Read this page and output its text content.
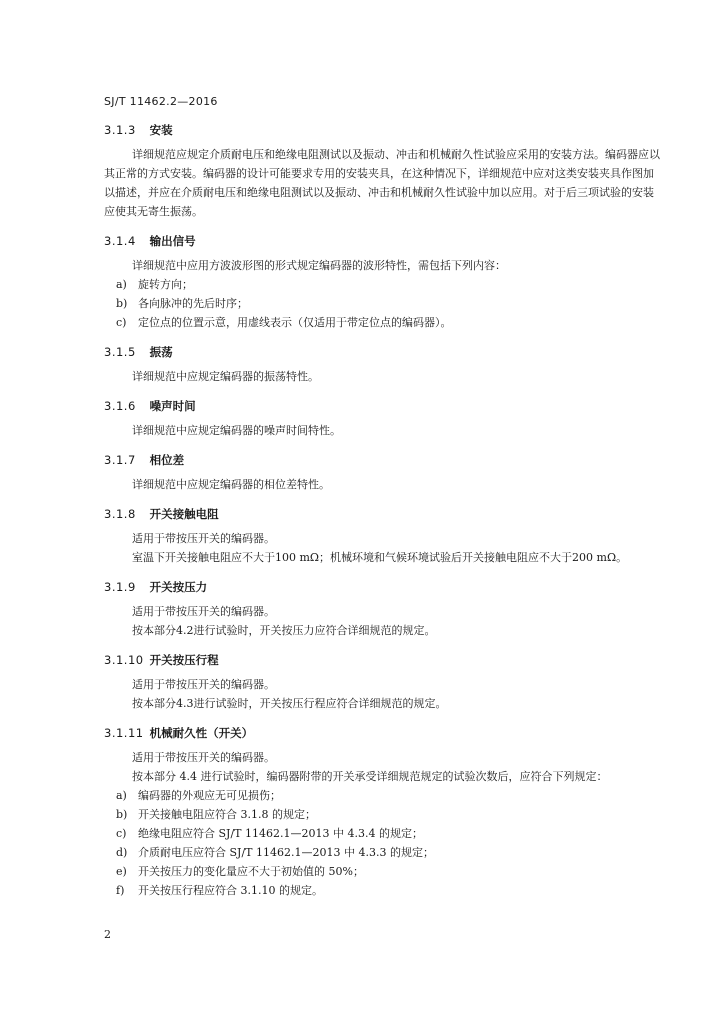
SJ/T 11462.2—2016
3.1.3 安装

详细规范应规定介质耐电压和绝缘电阻测试以及振动、冲击和机械耐久性试验应采用的安装方法。编码器应以其正常的方式安装。编码器的设计可能要求专用的安装夹具，在这种情况下，详细规范中应对这类安装夹具作图加以描述，并应在介质耐电压和绝缘电阻测试以及振动、冲击和机械耐久性试验中加以应用。对于后三项试验的安装应使其无寄生振荡。

3.1.4 输出信号

详细规范中应用方波波形图的形式规定编码器的波形特性，需包括下列内容：

a) 旋转方向；
b) 各向脉冲的先后时序；
c) 定位点的位置示意，用虚线表示（仅适用于带定位点的编码器）。
3.1.5 振荡

详细规范中应规定编码器的振荡特性。

3.1.6 噪声时间

详细规范中应规定编码器的噪声时间特性。

3.1.7 相位差

详细规范中应规定编码器的相位差特性。

3.1.8 开关接触电阻

适用于带按压开关的编码器。

室温下开关接触电阻应不大于100 mΩ；机械环境和气候环境试验后开关接触电阻应不大于200 mΩ。

3.1.9 开关按压力

适用于带按压开关的编码器。

按本部分4.2进行试验时，开关按压力应符合详细规范的规定。

3.1.10 开关按压行程

适用于带按压开关的编码器。

按本部分4.3进行试验时，开关按压行程应符合详细规范的规定。

3.1.11 机械耐久性（开关）

适用于带按压开关的编码器。

按本部分 4.4 进行试验时，编码器附带的开关承受详细规范规定的试验次数后，应符合下列规定：

a) 编码器的外观应无可见损伤；
b) 开关接触电阻应符合 3.1.8 的规定；
c) 绝缘电阻应符合 SJ/T 11462.1—2013 中 4.3.4 的规定；
d) 介质耐电压应符合 SJ/T 11462.1—2013 中 4.3.3 的规定；
e) 开关按压力的变化量应不大于初始值的 50%；
f) 开关按压行程应符合 3.1.10 的规定。
2
